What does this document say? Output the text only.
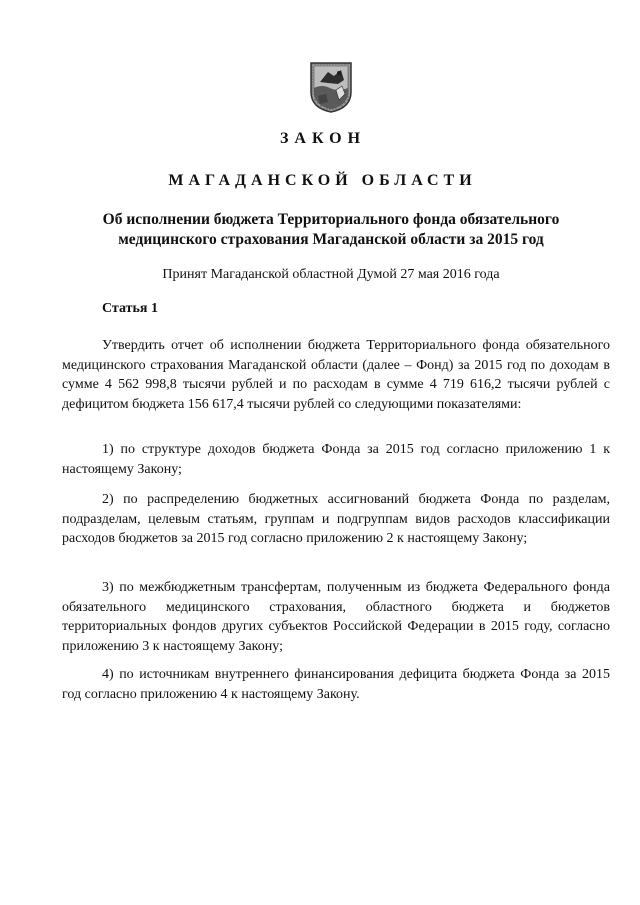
ЗАКОН
МАГАДАНСКОЙ ОБЛАСТИ
Об исполнении бюджета Территориального фонда обязательного
медицинского страхования Магаданской области за 2015 год
Принят Магаданской областной Думой 27 мая 2016 года
Статья 1
Утвердить отчет об исполнении бюджета Территориального фонда обязательного медицинского страхования Магаданской области (далее – Фонд) за 2015 год по доходам в сумме 4 562 998,8 тысячи рублей и по расходам в сумме 4 719 616,2 тысячи рублей с дефицитом бюджета 156 617,4 тысячи рублей со следующими показателями:
1) по структуре доходов бюджета Фонда за 2015 год согласно приложению 1 к настоящему Закону;
2) по распределению бюджетных ассигнований бюджета Фонда по разделам, подразделам, целевым статьям, группам и подгруппам видов расходов классификации расходов бюджетов за 2015 год согласно приложению 2 к настоящему Закону;
3) по межбюджетным трансфертам, полученным из бюджета Федерального фонда обязательного медицинского страхования, областного бюджета и бюджетов территориальных фондов других субъектов Российской Федерации в 2015 году, согласно приложению 3 к настоящему Закону;
4) по источникам внутреннего финансирования дефицита бюджета Фонда за 2015 год согласно приложению 4 к настоящему Закону.
